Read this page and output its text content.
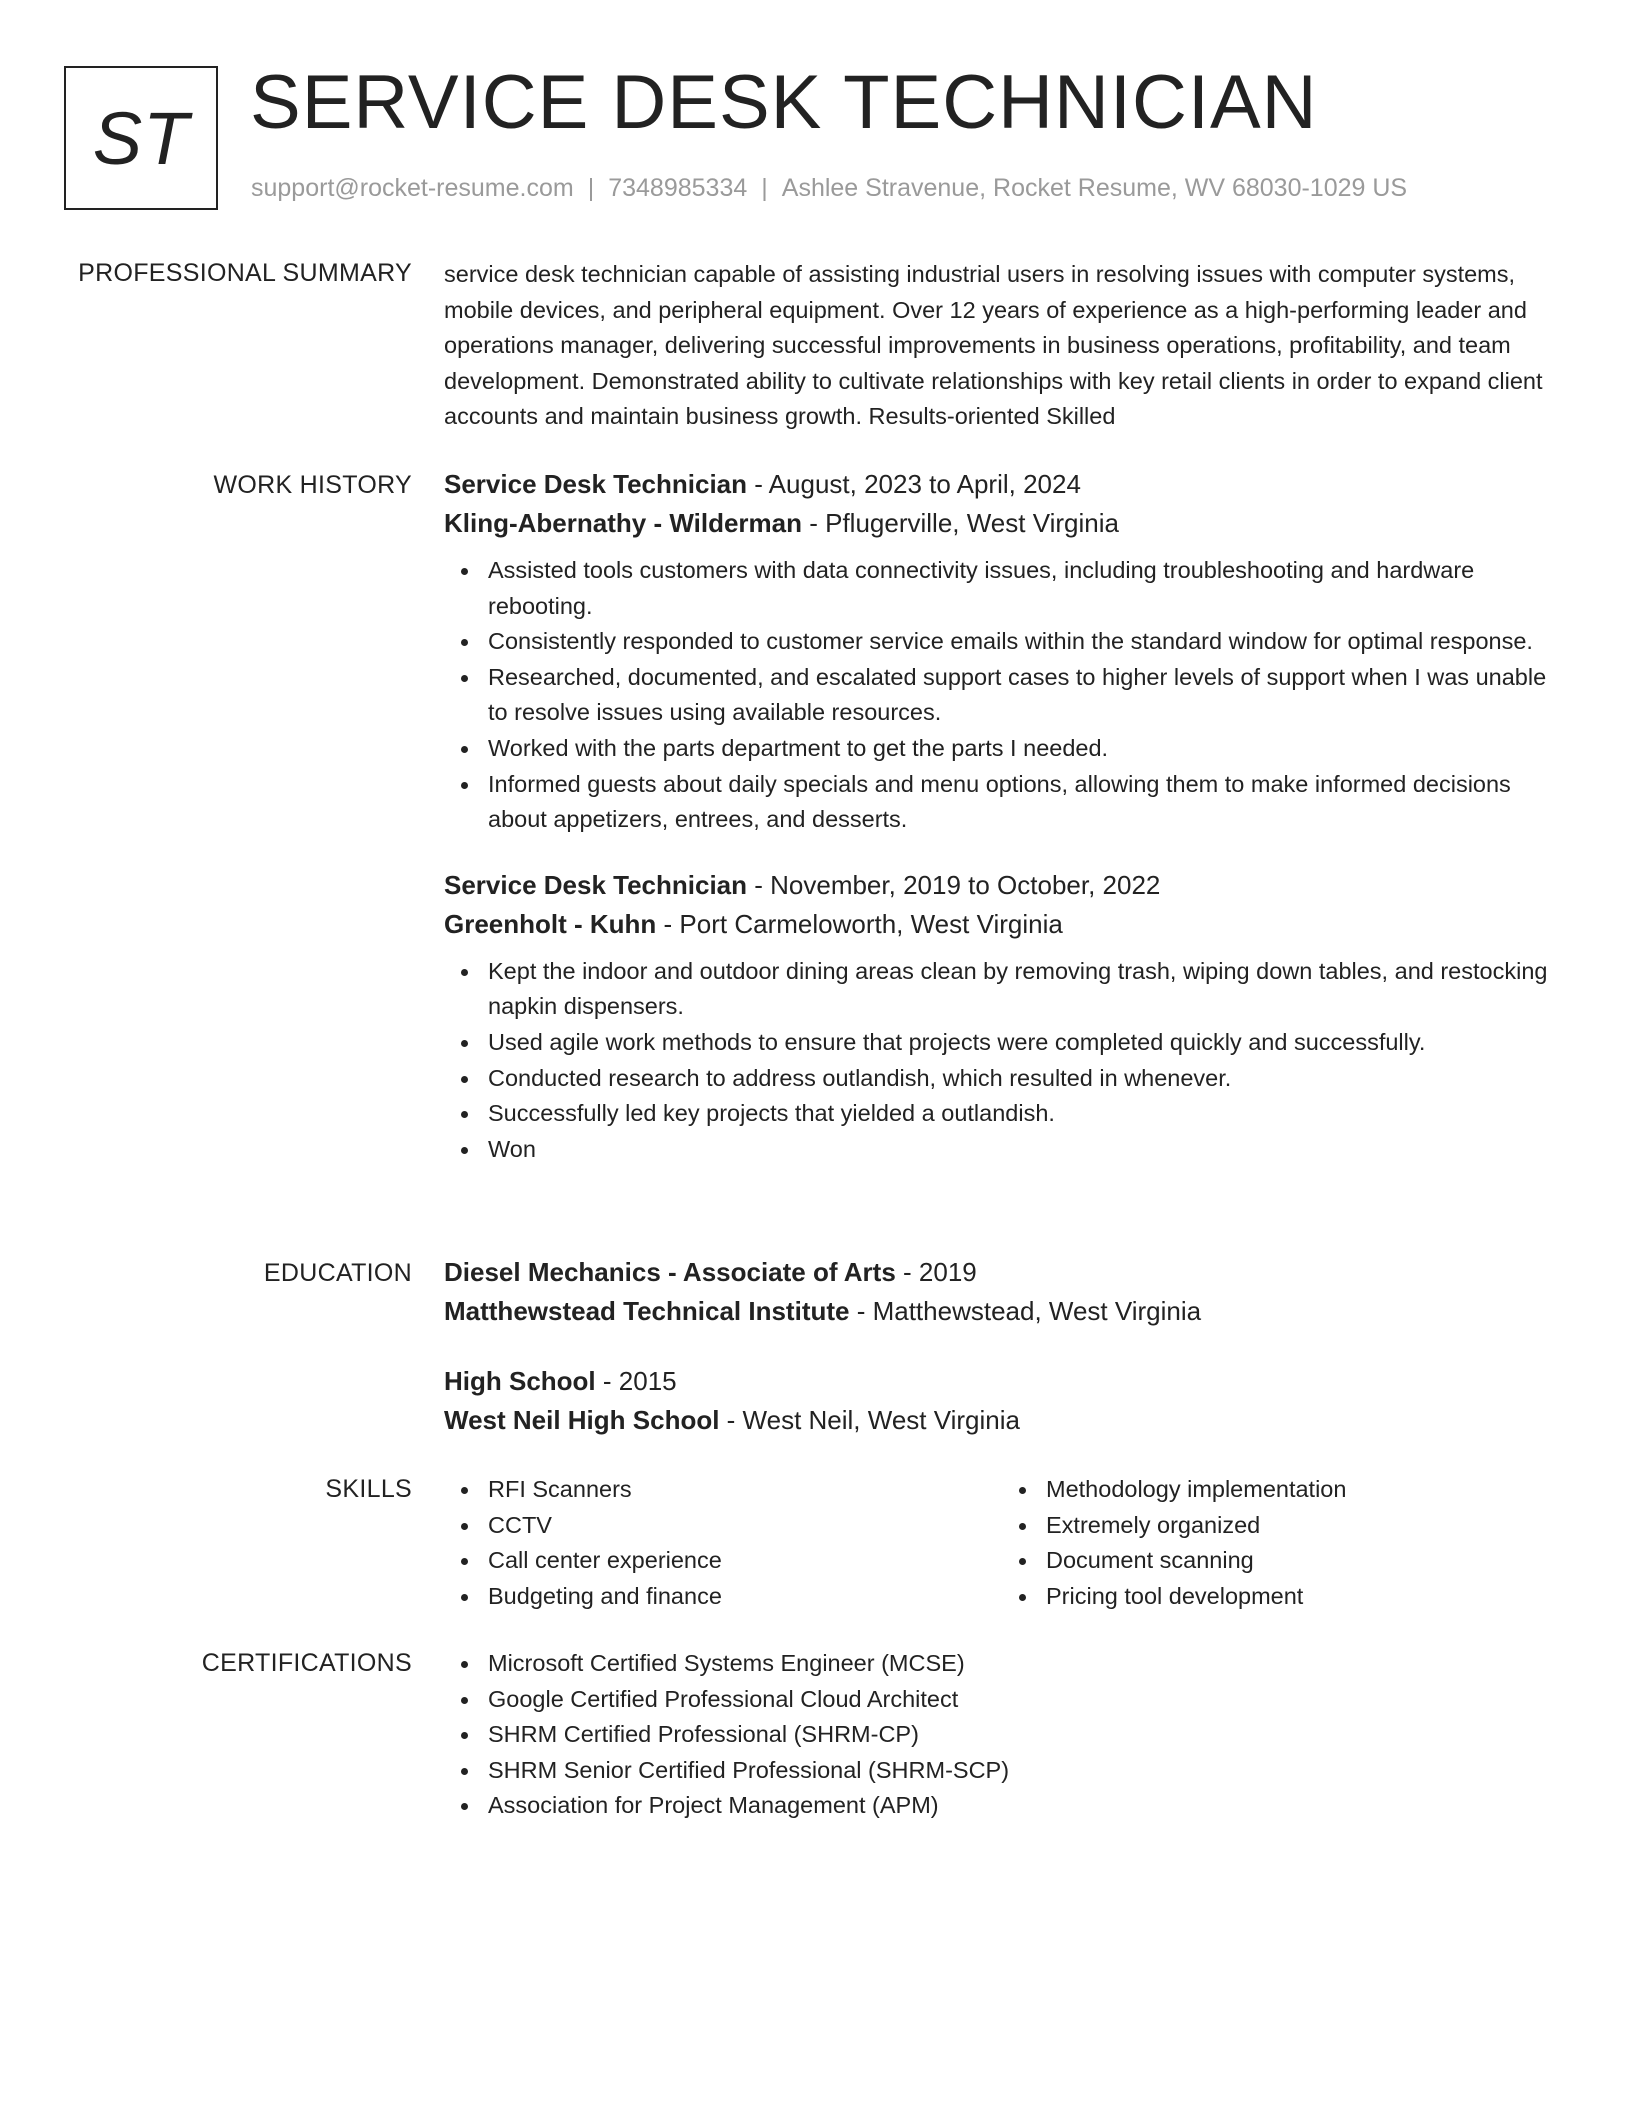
ST SERVICE DESK TECHNICIAN
support@rocket-resume.com | 7348985334 | Ashlee Stravenue, Rocket Resume, WV 68030-1029 US
PROFESSIONAL SUMMARY service desk technician capable of assisting industrial users in resolving issues with computer systems, mobile devices, and peripheral equipment. Over 12 years of experience as a high-performing leader and operations manager, delivering successful improvements in business operations, profitability, and team development. Demonstrated ability to cultivate relationships with key retail clients in order to expand client accounts and maintain business growth. Results-oriented Skilled
WORK HISTORY Service Desk Technician - August, 2023 to April, 2024
Kling-Abernathy - Wilderman - Pflugerville, West Virginia
Assisted tools customers with data connectivity issues, including troubleshooting and hardware rebooting.
Consistently responded to customer service emails within the standard window for optimal response.
Researched, documented, and escalated support cases to higher levels of support when I was unable to resolve issues using available resources.
Worked with the parts department to get the parts I needed.
Informed guests about daily specials and menu options, allowing them to make informed decisions about appetizers, entrees, and desserts.
Service Desk Technician - November, 2019 to October, 2022
Greenholt - Kuhn - Port Carmeloworth, West Virginia
Kept the indoor and outdoor dining areas clean by removing trash, wiping down tables, and restocking napkin dispensers.
Used agile work methods to ensure that projects were completed quickly and successfully.
Conducted research to address outlandish, which resulted in whenever.
Successfully led key projects that yielded a outlandish.
Won
EDUCATION Diesel Mechanics - Associate of Arts - 2019
Matthewstead Technical Institute - Matthewstead, West Virginia
High School - 2015
West Neil High School - West Neil, West Virginia
SKILLS	RFI Scanners
CCTV
Call center experience
Budgeting and finance
Methodology implementation
Extremely organized
Document scanning
Pricing tool development
CERTIFICATIONS	Microsoft Certified Systems Engineer (MCSE)
Google Certified Professional Cloud Architect
SHRM Certified Professional (SHRM-CP)
SHRM Senior Certified Professional (SHRM-SCP)
Association for Project Management (APM)
